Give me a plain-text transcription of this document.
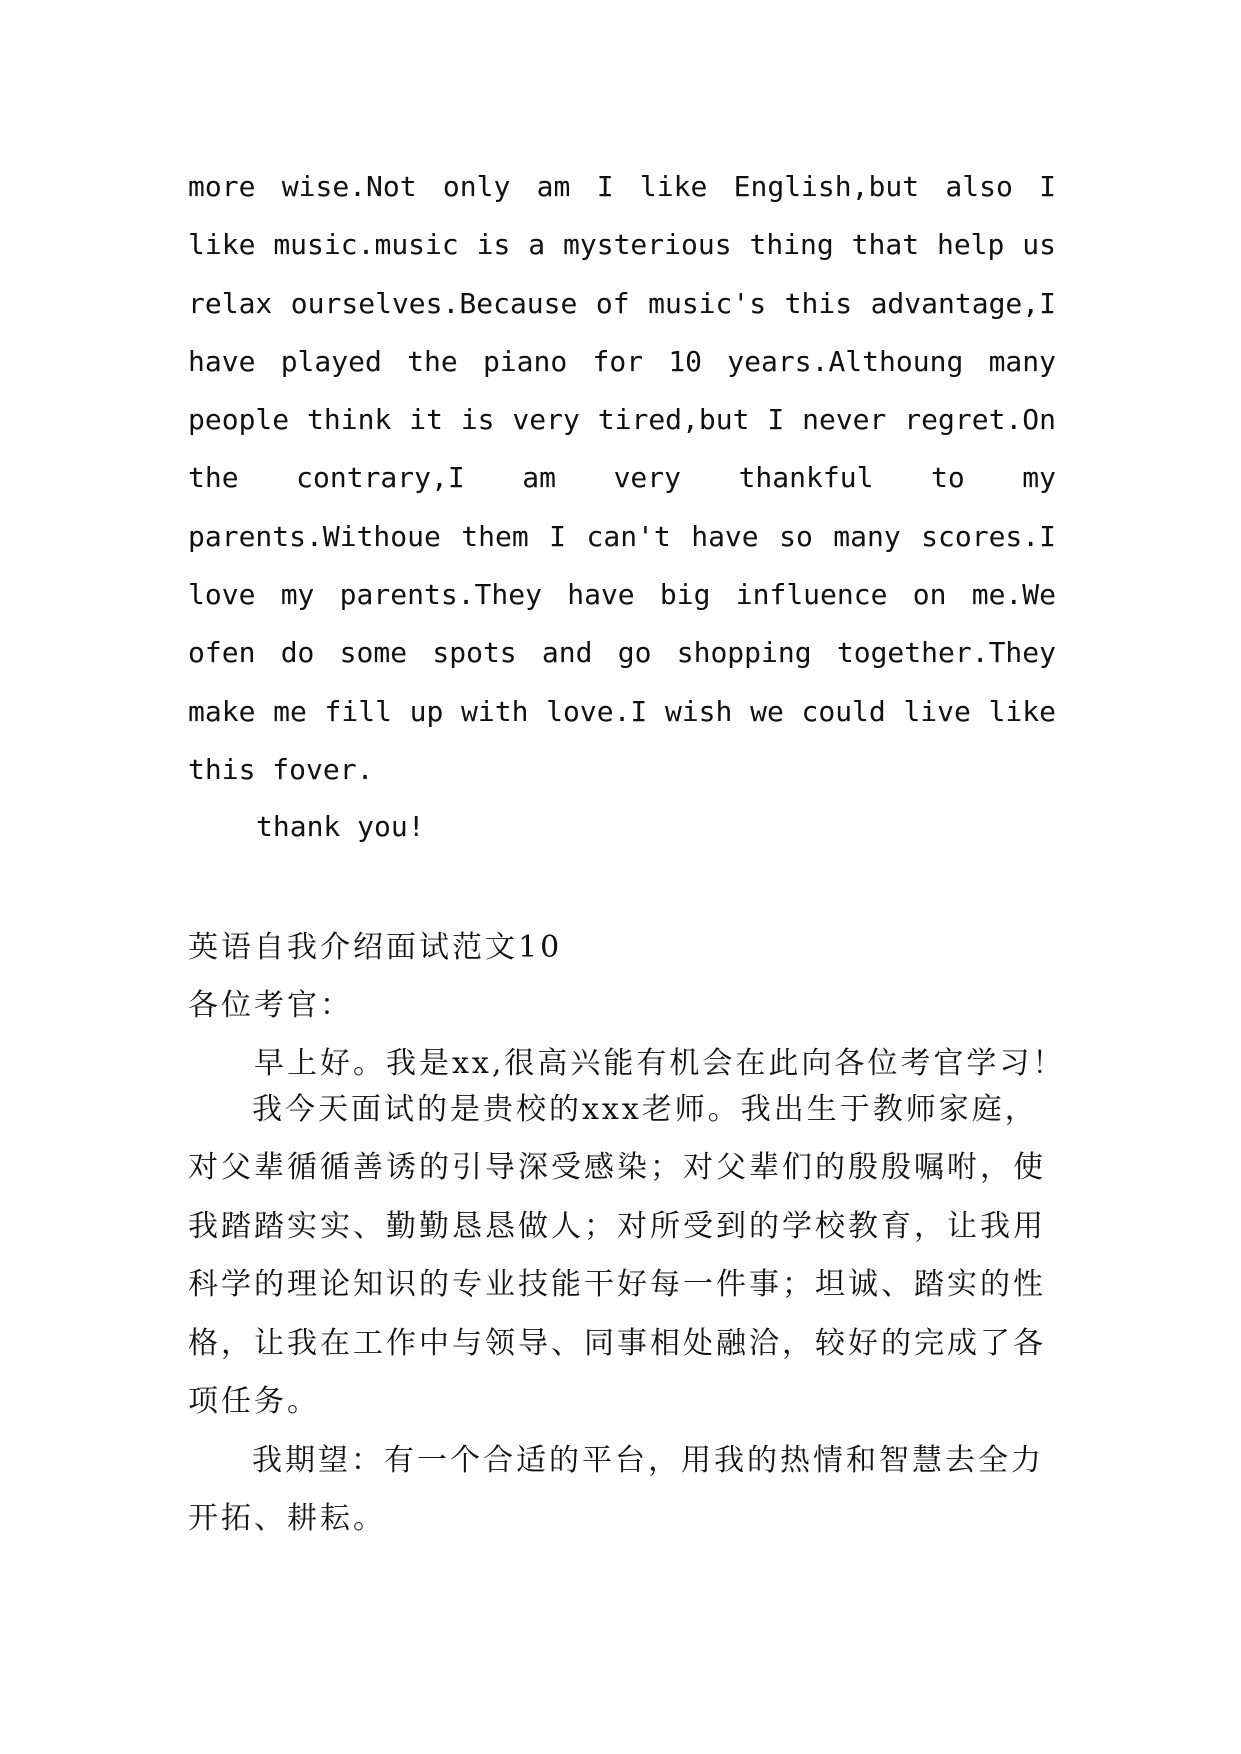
more wise.Not only am I like English,but also I
like music.music is a mysterious thing that help us
relax ourselves.Because of music's this advantage,I
have played the piano for 10 years.Althoung many
people think it is very tired,but I never regret.On
the contrary,I am very thankful to my
parents.Withoue them I can't have so many scores.I
love my parents.They have big influence on me.We
ofen do some spots and go shopping together.They
make me fill up with love.I wish we could live like
this fover.
thank you!
英语自我介绍面试范文10
各位考官：
早上好。我是xx,很高兴能有机会在此向各位考官学习！
我今天面试的是贵校的xxx老师。我出生于教师家庭，
对父辈循循善诱的引导深受感染；对父辈们的殷殷嘱咐，使
我踏踏实实、勤勤恳恳做人；对所受到的学校教育，让我用
科学的理论知识的专业技能干好每一件事；坦诚、踏实的性
格，让我在工作中与领导、同事相处融洽，较好的完成了各
项任务。
我期望：有一个合适的平台，用我的热情和智慧去全力
开拓、耕耘。
